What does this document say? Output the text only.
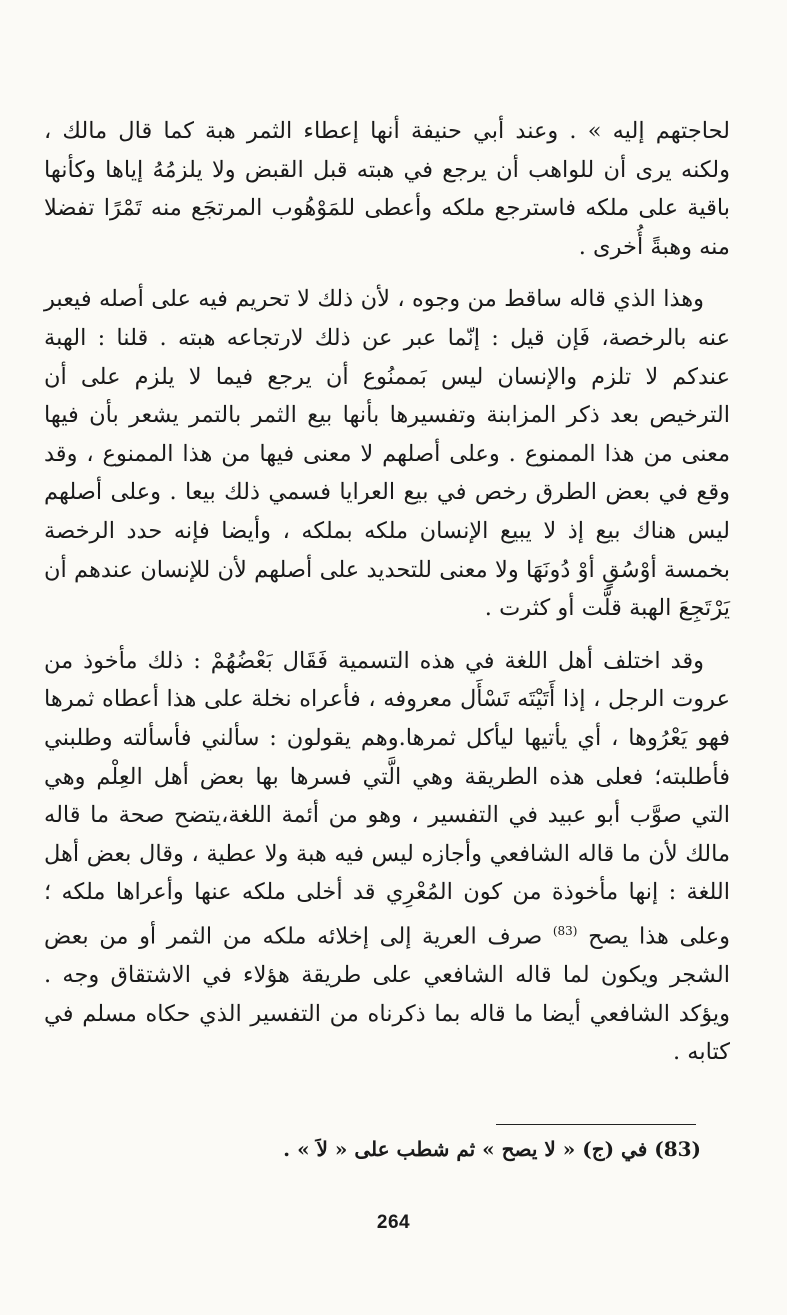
لحاجتهم إليه » . وعند أبي حنيفة أنها إعطاء الثمر هبة كما قال مالك ، ولكنه يرى أن للواهب أن يرجع في هبته قبل القبض ولا يلزمُهُ إياها وكأنها باقية على ملكه فاسترجع ملكه وأعطى للمَوْهُوب المرتجَع منه تَمْرًا تفضلا منه وهبةً أُخرى .

وهذا الذي قاله ساقط من وجوه ، لأن ذلك لا تحريم فيه على أصله فيعبر عنه بالرخصة، فَإن قيل : إنّما عبر عن ذلك لارتجاعه هبته . قلنا : الهبة عندكم لا تلزم والإنسان ليس بَممنُوع أن يرجع فيما لا يلزم على أن الترخيص بعد ذكر المزابنة وتفسيرها بأنها بيع الثمر بالتمر يشعر بأن فيها معنى من هذا الممنوع . وعلى أصلهم لا معنى فيها من هذا الممنوع ، وقد وقع في بعض الطرق رخص في بيع العرايا فسمي ذلك بيعا . وعلى أصلهم ليس هناك بيع إذ لا يبيع الإنسان ملكه بملكه ، وأيضا فإنه حدد الرخصة بخمسة أوْسُقٍ أوْ دُونَهَا ولا معنى للتحديد على أصلهم لأن للإنسان عندهم أن يَرْتَجِعَ الهبة قلَّت أو كثرت .

وقد اختلف أهل اللغة في هذه التسمية فَقَال بَعْضُهُمْ : ذلك مأخوذ من عروت الرجل ، إذا أَتَيْتَه تَسْأَل معروفه ، فأعراه نخلة على هذا أعطاه ثمرها فهو يَعْرُوها ، أي يأتيها ليأكل ثمرها.وهم يقولون : سألني فأسألته وطلبني فأطلبته؛ فعلى هذه الطريقة وهي الَّتي فسرها بها بعض أهل العِلْم وهي التي صوَّب أبو عبيد في التفسير ، وهو من أئمة اللغة،يتضح صحة ما قاله مالك لأن ما قاله الشافعي وأجازه ليس فيه هبة ولا عطية ، وقال بعض أهل اللغة : إنها مأخوذة من كون المُعْرِي قد أخلى ملكه عنها وأعراها ملكه ؛ وعلى هذا يصح $^{(83)}$ صرف العرية إلى إخلائه ملكه من الثمر أو من بعض الشجر ويكون لما قاله الشافعي على طريقة هؤلاء في الاشتقاق وجه . ويؤكد الشافعي أيضا ما قاله بما ذكرناه من التفسير الذي حكاه مسلم في كتابه .

(83) في (ج) « لا يصح » ثم شطب على « لاَ » .
264
